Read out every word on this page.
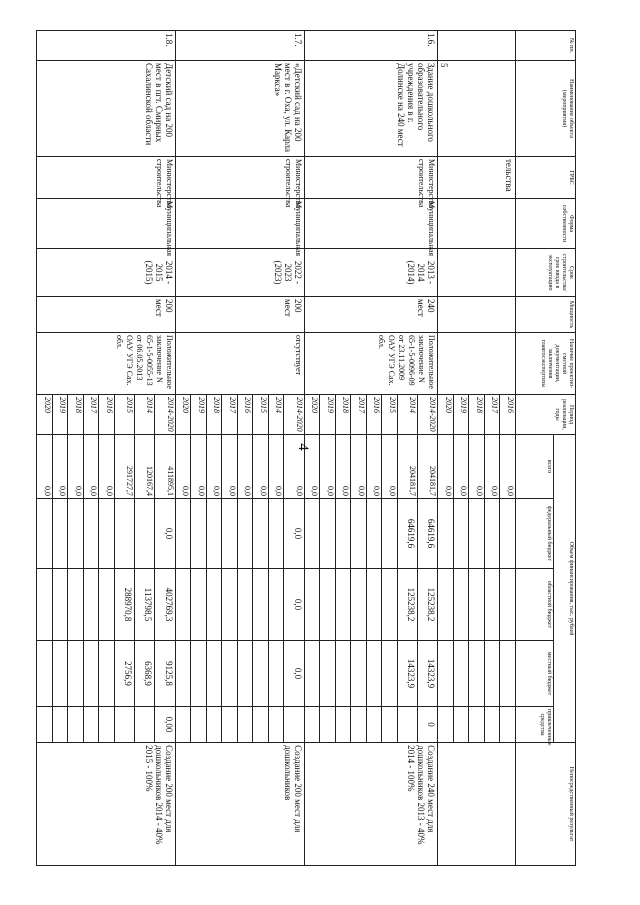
4
№ пп.	Наименование объекта (мероприятия)	ГРБС	Форма собственности	Срок строительства/срок ввода в эксплуатацию	Мощность	Наличие проектно-сметной документации, заключения главгосэкспертизы	Период реализации, годы	Объем финансирования, тыс. рублей					Непосредственный результат
								всего	федеральный бюджет	областной бюджет	местный бюджет	привлеченные средства	
	5	тельства					2016	0,0					
							2017	0,0					
							2018	0,0					
							2019	0,0					
							2020	0,0					
1.6.	Здание дошкольного образовательного учреждения в г. Долинске на 240 мест	Министерство строительства	Муниципальная	2013 - 2014 (2014)	240 мест	Положительное заключение N 65-1-5-0096-09 от 23.11.2009 ОАУ УГЭ Сах. обл.	2014-2020	204181,7	64619,6	125238,2	14323,9	0	Создание 240 мест для дошкольников 2013 - 40% 2014 - 100%
							2014	204181,7	64619,6	125238,2	14323,9		
							2015	0,0					
							2016	0,0					
							2017	0,0					
							2018	0,0					
							2019	0,0					
							2020	0,0					
1.7.	«Детский сад на 200 мест в г. Оха, ул. Карла Маркса»	Министерство строительства	Муниципальная	2022 - 2023 (2023)	200 мест	отсутствует	2014-2020	0,0	0,0	0,0	0,0		Создание 200 мест для дошкольников
							2014	0,0					
							2015	0,0					
							2016	0,0					
							2017	0,0					
							2018	0,0					
							2019	0,0					
							2020	0,0					
1.8.	Детский сад на 200 мест в пгт. Смирных Сахалинской области	Министерство строительства	Муниципальная	2014 - 2015 (2015)	200 мест	Положительное заключение N 65-1-5-0055-13 от 06.05.2013 ОАУ УГЭ Сах. обл.	2014-2020	411895,1	0,0	402769,3	9125,8	0,00	Создание 200 мест для дошкольников 2014 - 40% 2015 - 100%
							2014	120167,4		113798,5	6368,9		
							2015	291727,7		288970,8	2756,9		
							2016	0,0					
							2017	0,0					
							2018	0,0					
							2019	0,0					
							2020	0,0					
